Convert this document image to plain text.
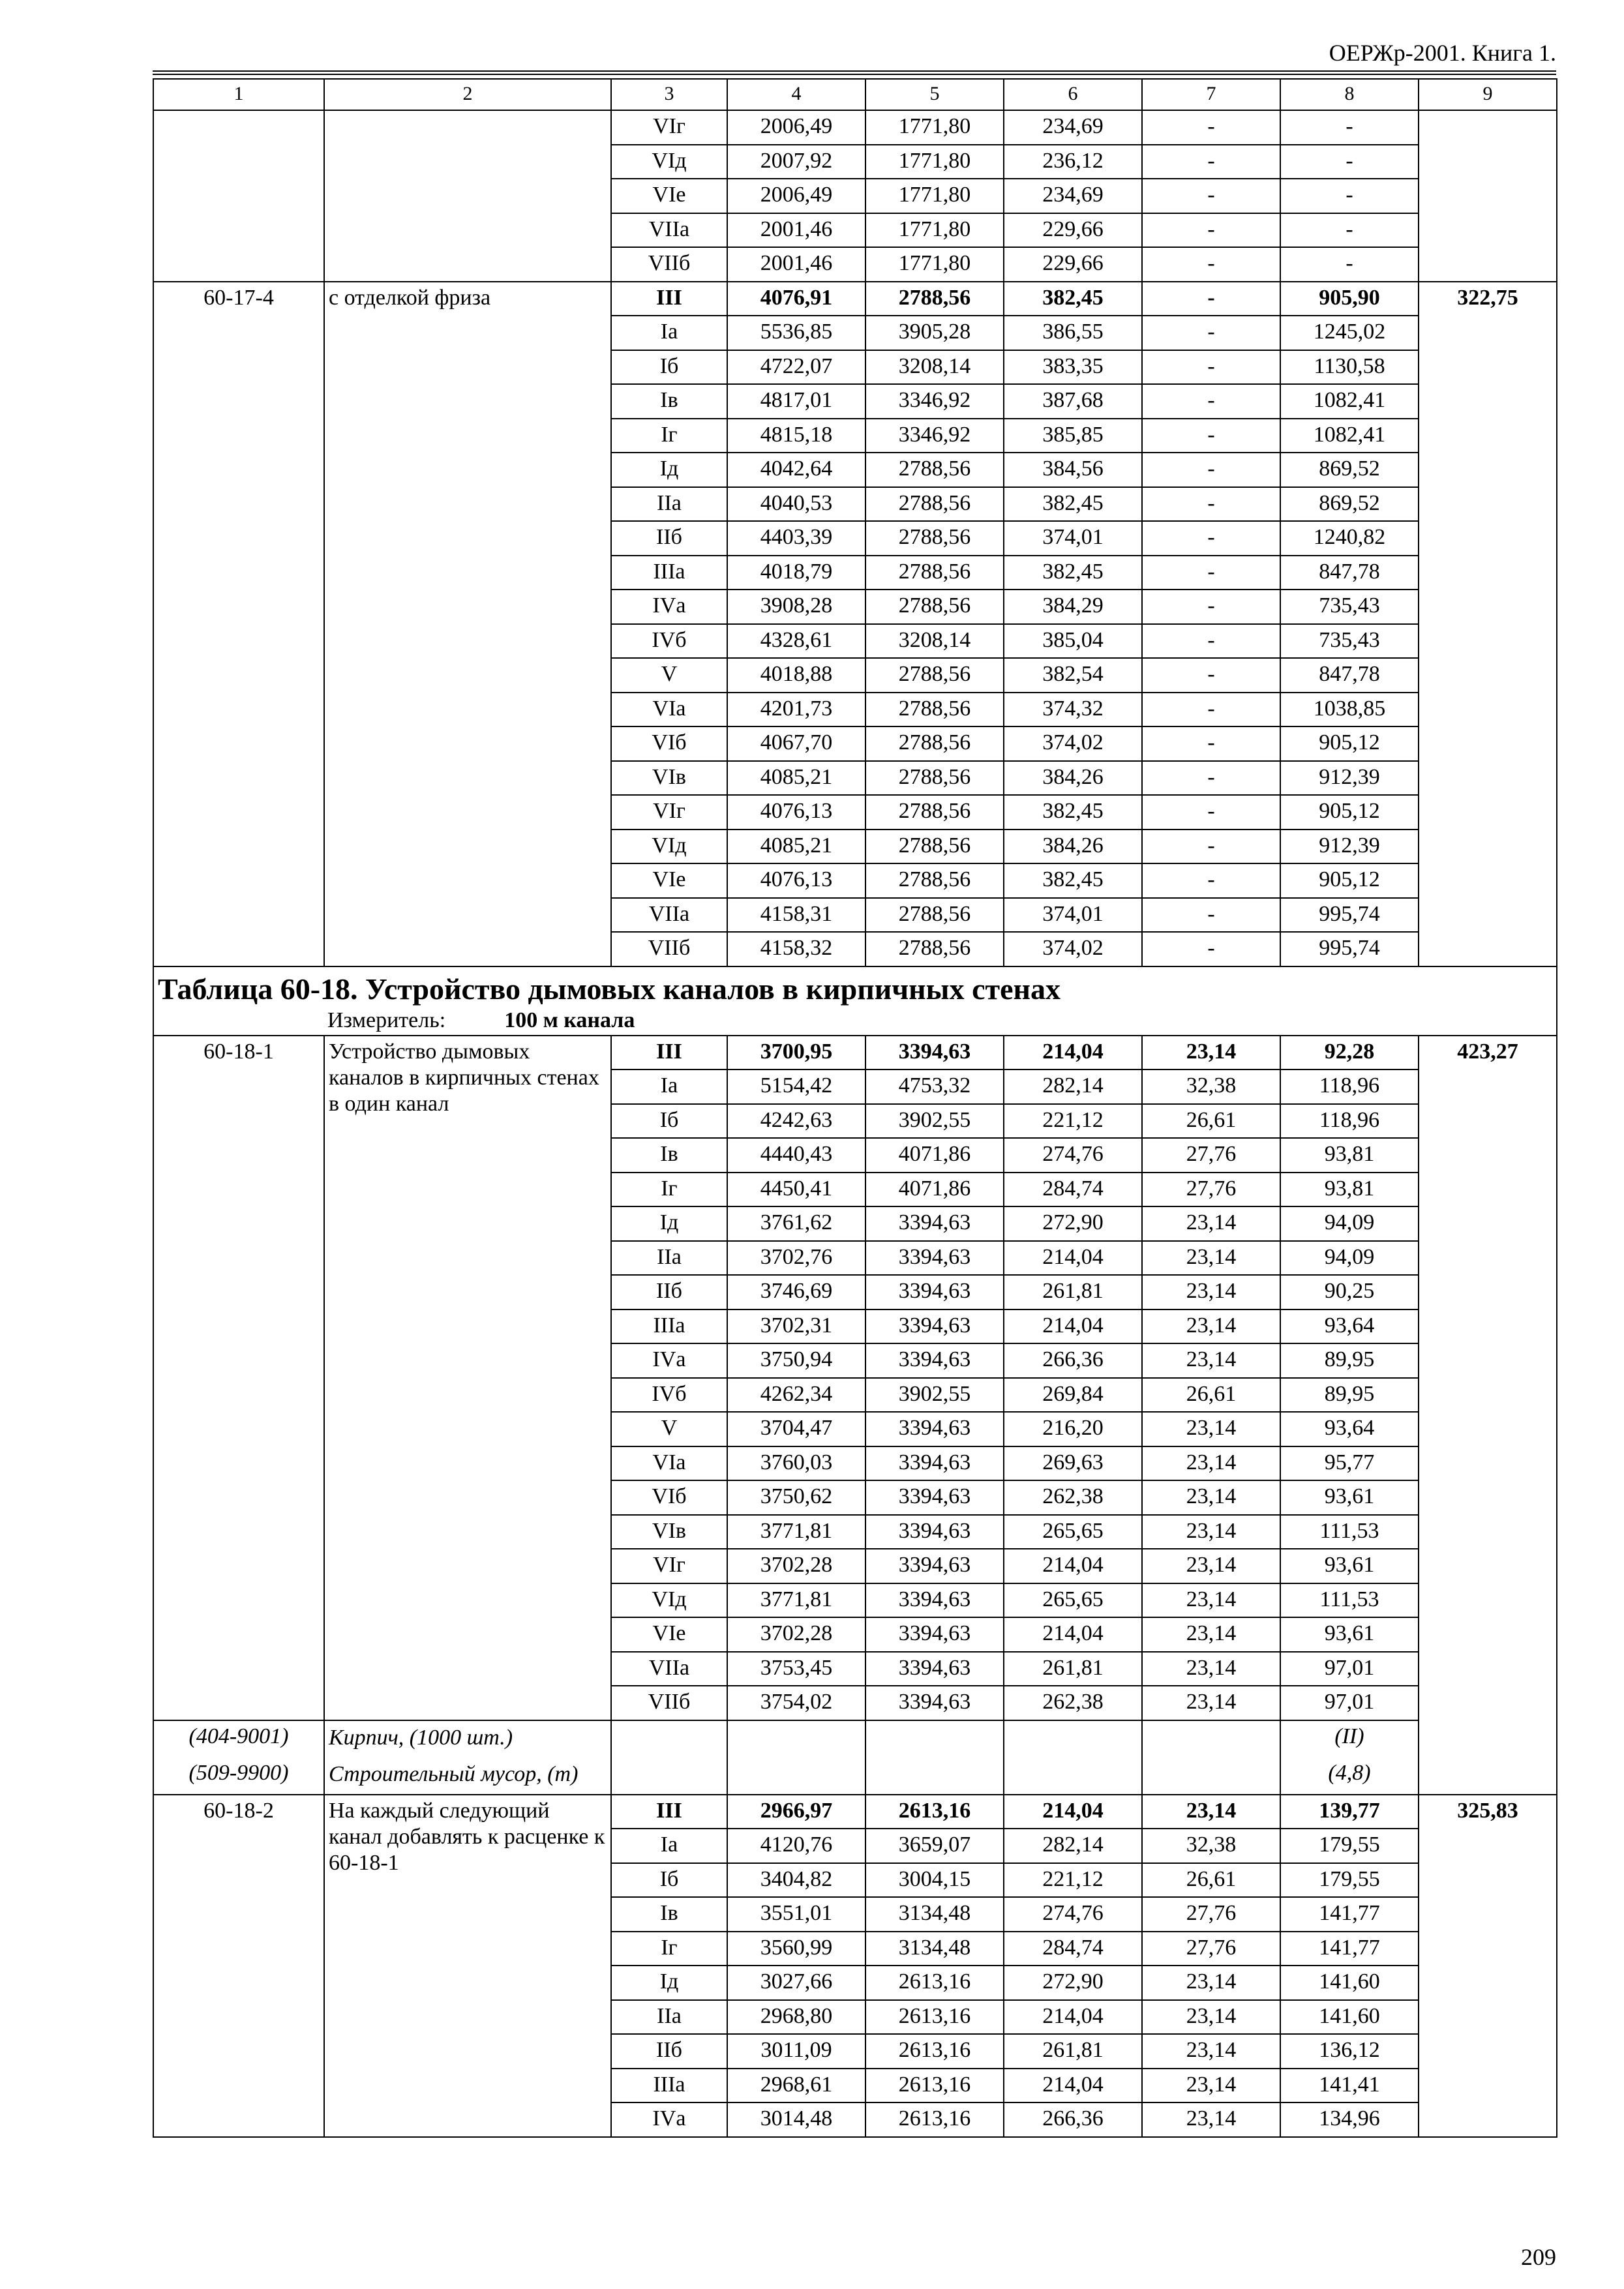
ОЕРЖр-2001. Книга 1.
1	2	3	4	5	6	7	8	9
		VIг	2006,49	1771,80	234,69	-	-	
		VIд	2007,92	1771,80	236,12	-	-	
		VIе	2006,49	1771,80	234,69	-	-	
		VIIа	2001,46	1771,80	229,66	-	-	
		VIIб	2001,46	1771,80	229,66	-	-	
60-17-4	с отделкой фриза	III	4076,91	2788,56	382,45	-	905,90	322,75
		Iа	5536,85	3905,28	386,55	-	1245,02	
		Iб	4722,07	3208,14	383,35	-	1130,58	
		Iв	4817,01	3346,92	387,68	-	1082,41	
		Iг	4815,18	3346,92	385,85	-	1082,41	
		Iд	4042,64	2788,56	384,56	-	869,52	
		IIа	4040,53	2788,56	382,45	-	869,52	
		IIб	4403,39	2788,56	374,01	-	1240,82	
		IIIа	4018,79	2788,56	382,45	-	847,78	
		IVа	3908,28	2788,56	384,29	-	735,43	
		IVб	4328,61	3208,14	385,04	-	735,43	
		V	4018,88	2788,56	382,54	-	847,78	
		VIа	4201,73	2788,56	374,32	-	1038,85	
		VIб	4067,70	2788,56	374,02	-	905,12	
		VIв	4085,21	2788,56	384,26	-	912,39	
		VIг	4076,13	2788,56	382,45	-	905,12	
		VIд	4085,21	2788,56	384,26	-	912,39	
		VIе	4076,13	2788,56	382,45	-	905,12	
		VIIа	4158,31	2788,56	374,01	-	995,74	
		VIIб	4158,32	2788,56	374,02	-	995,74	

Таблица 60-18. Устройство дымовых каналов в кирпичных стенах
Измеритель: 100 м канала								

60-18-1	Устройство дымовых каналов в кирпичных стенах в один канал	III	3700,95	3394,63	214,04	23,14	92,28	423,27
		Iа	5154,42	4753,32	282,14	32,38	118,96	
		Iб	4242,63	3902,55	221,12	26,61	118,96	
		Iв	4440,43	4071,86	274,76	27,76	93,81	
		Iг	4450,41	4071,86	284,74	27,76	93,81	
		Iд	3761,62	3394,63	272,90	23,14	94,09	
		IIа	3702,76	3394,63	214,04	23,14	94,09	
		IIб	3746,69	3394,63	261,81	23,14	90,25	
		IIIа	3702,31	3394,63	214,04	23,14	93,64	
		IVа	3750,94	3394,63	266,36	23,14	89,95	
		IVб	4262,34	3902,55	269,84	26,61	89,95	
		V	3704,47	3394,63	216,20	23,14	93,64	
		VIа	3760,03	3394,63	269,63	23,14	95,77	
		VIб	3750,62	3394,63	262,38	23,14	93,61	
		VIв	3771,81	3394,63	265,65	23,14	111,53	
		VIг	3702,28	3394,63	214,04	23,14	93,61	
		VIд	3771,81	3394,63	265,65	23,14	111,53	
		VIе	3702,28	3394,63	214,04	23,14	93,61	
		VIIа	3753,45	3394,63	261,81	23,14	97,01	
		VIIб	3754,02	3394,63	262,38	23,14	97,01	
(404-9001)	Кирпич, (1000 шт.)						(II)	
(509-9900)	Строительный мусор, (т)						(4,8)	
60-18-2	На каждый следующий канал добавлять к расценке к 60-18-1	III	2966,97	2613,16	214,04	23,14	139,77	325,83
		Iа	4120,76	3659,07	282,14	32,38	179,55	
		Iб	3404,82	3004,15	221,12	26,61	179,55	
		Iв	3551,01	3134,48	274,76	27,76	141,77	
		Iг	3560,99	3134,48	284,74	27,76	141,77	
		Iд	3027,66	2613,16	272,90	23,14	141,60	
		IIа	2968,80	2613,16	214,04	23,14	141,60	
		IIб	3011,09	2613,16	261,81	23,14	136,12	
		IIIа	2968,61	2613,16	214,04	23,14	141,41	
		IVа	3014,48	2613,16	266,36	23,14	134,96	
209
